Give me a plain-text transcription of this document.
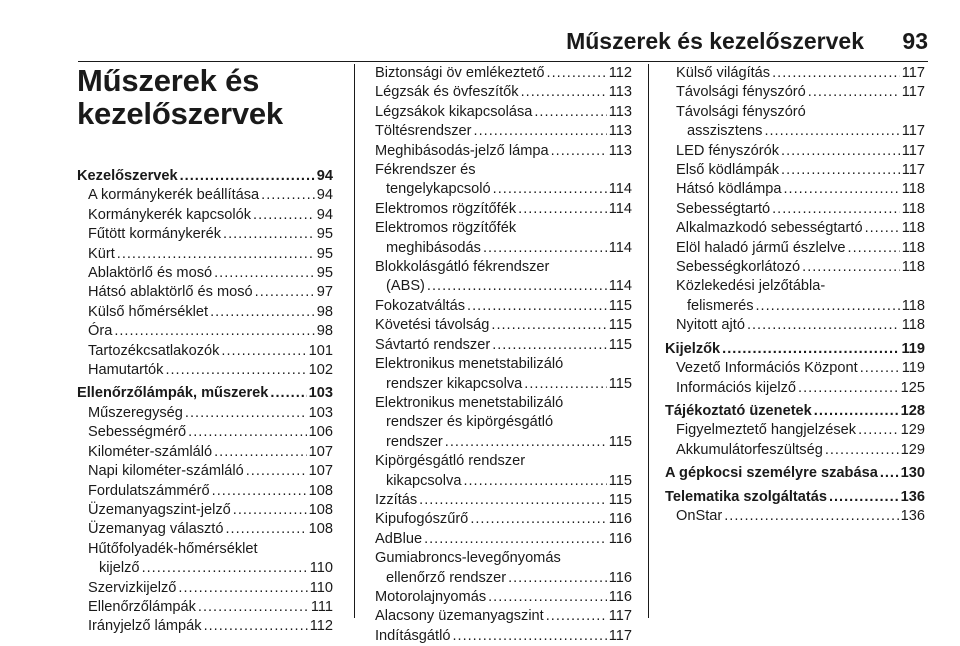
Műszerek és kezelőszervek 93
Műszerek és
kezelőszervek
Kezelőszervek .....	94
A kormánykerék beállítása .....	94
Kormánykerék kapcsolók .....	94
Fűtött kormánykerék .....	95
Kürt .....	95
Ablaktörlő és mosó .....	95
Hátsó ablaktörlő és mosó .....	97
Külső hőmérséklet .....	98
Óra .....	98
Tartozékcsatlakozók .....	101
Hamutartók .....	102
Ellenőrzőlámpák, műszerek .....	103
Műszeregység .....	103
Sebességmérő .....	106
Kilométer-számláló .....	107
Napi kilométer-számláló .....	107
Fordulatszámmérő .....	108
Üzemanyagszint-jelző .....	108
Üzemanyag választó .....	108
Hűtőfolyadék-hőmérséklet
kijelző .....	110
Szervizkijelző .....	110
Ellenőrzőlámpák .....	111
Irányjelző lámpák .....	112
Biztonsági öv emlékeztető .....	112
Légzsák és övfeszítők .....	113
Légzsákok kikapcsolása .....	113
Töltésrendszer .....	113
Meghibásodás-jelző lámpa .....	113
Fékrendszer és
tengelykapcsoló .....	114
Elektromos rögzítőfék .....	114
Elektromos rögzítőfék
meghibásodás .....	114
Blokkolásgátló fékrendszer
(ABS) .....	114
Fokozatváltás .....	115
Követési távolság .....	115
Sávtartó rendszer .....	115
Elektronikus menetstabilizáló
rendszer kikapcsolva .....	115
Elektronikus menetstabilizáló
rendszer és kipörgésgátló
rendszer .....	115
Kipörgésgátló rendszer
kikapcsolva .....	115
Izzítás .....	115
Kipufogószűrő .....	116
AdBlue .....	116
Gumiabroncs-levegőnyomás
ellenőrző rendszer .....	116
Motorolajnyomás .....	116
Alacsony üzemanyagszint .....	117
Indításgátló .....	117
Külső világítás .....	117
Távolsági fényszóró .....	117
Távolsági fényszóró
asszisztens .....	117
LED fényszórók .....	117
Első ködlámpák .....	117
Hátsó ködlámpa .....	118
Sebességtartó .....	118
Alkalmazkodó sebességtartó .....	118
Elöl haladó jármű észlelve .....	118
Sebességkorlátozó .....	118
Közlekedési jelzőtábla-
felismerés .....	118
Nyitott ajtó .....	118
Kijelzők .....	119
Vezető Információs Központ .....	119
Információs kijelző .....	125
Tájékoztató üzenetek .....	128
Figyelmeztető hangjelzések .....	129
Akkumulátorfeszültség .....	129
A gépkocsi személyre szabása ..... 130
Telematika szolgáltatás .....	136
OnStar .....	136
